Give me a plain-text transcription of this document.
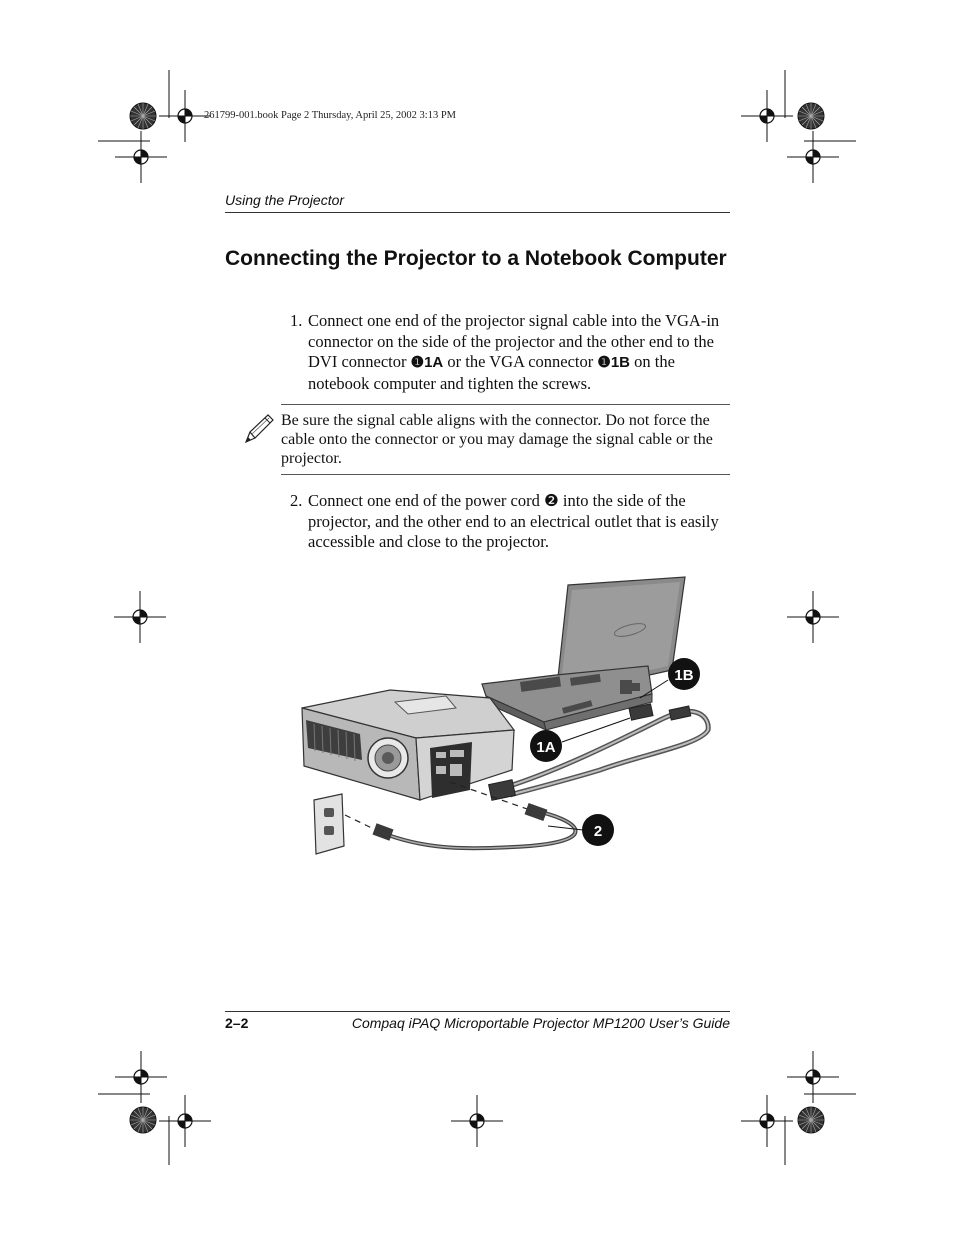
261799-001.book Page 2 Thursday, April 25, 2002 3:13 PM
Using the Projector
Connecting the Projector to a Notebook Computer
1. Connect one end of the projector signal cable into the VGA-in connector on the side of the projector and the other end to the DVI connector ❶1A or the VGA connector ❶1B on the notebook computer and tighten the screws.
Be sure the signal cable aligns with the connector. Do not force the cable onto the connector or you may damage the signal cable or the projector.
2. Connect one end of the power cord ❷ into the side of the projector, and the other end to an electrical outlet that is easily accessible and close to the projector.
1B
1A
2
2–2	Compaq iPAQ Microportable Projector MP1200 User’s Guide
